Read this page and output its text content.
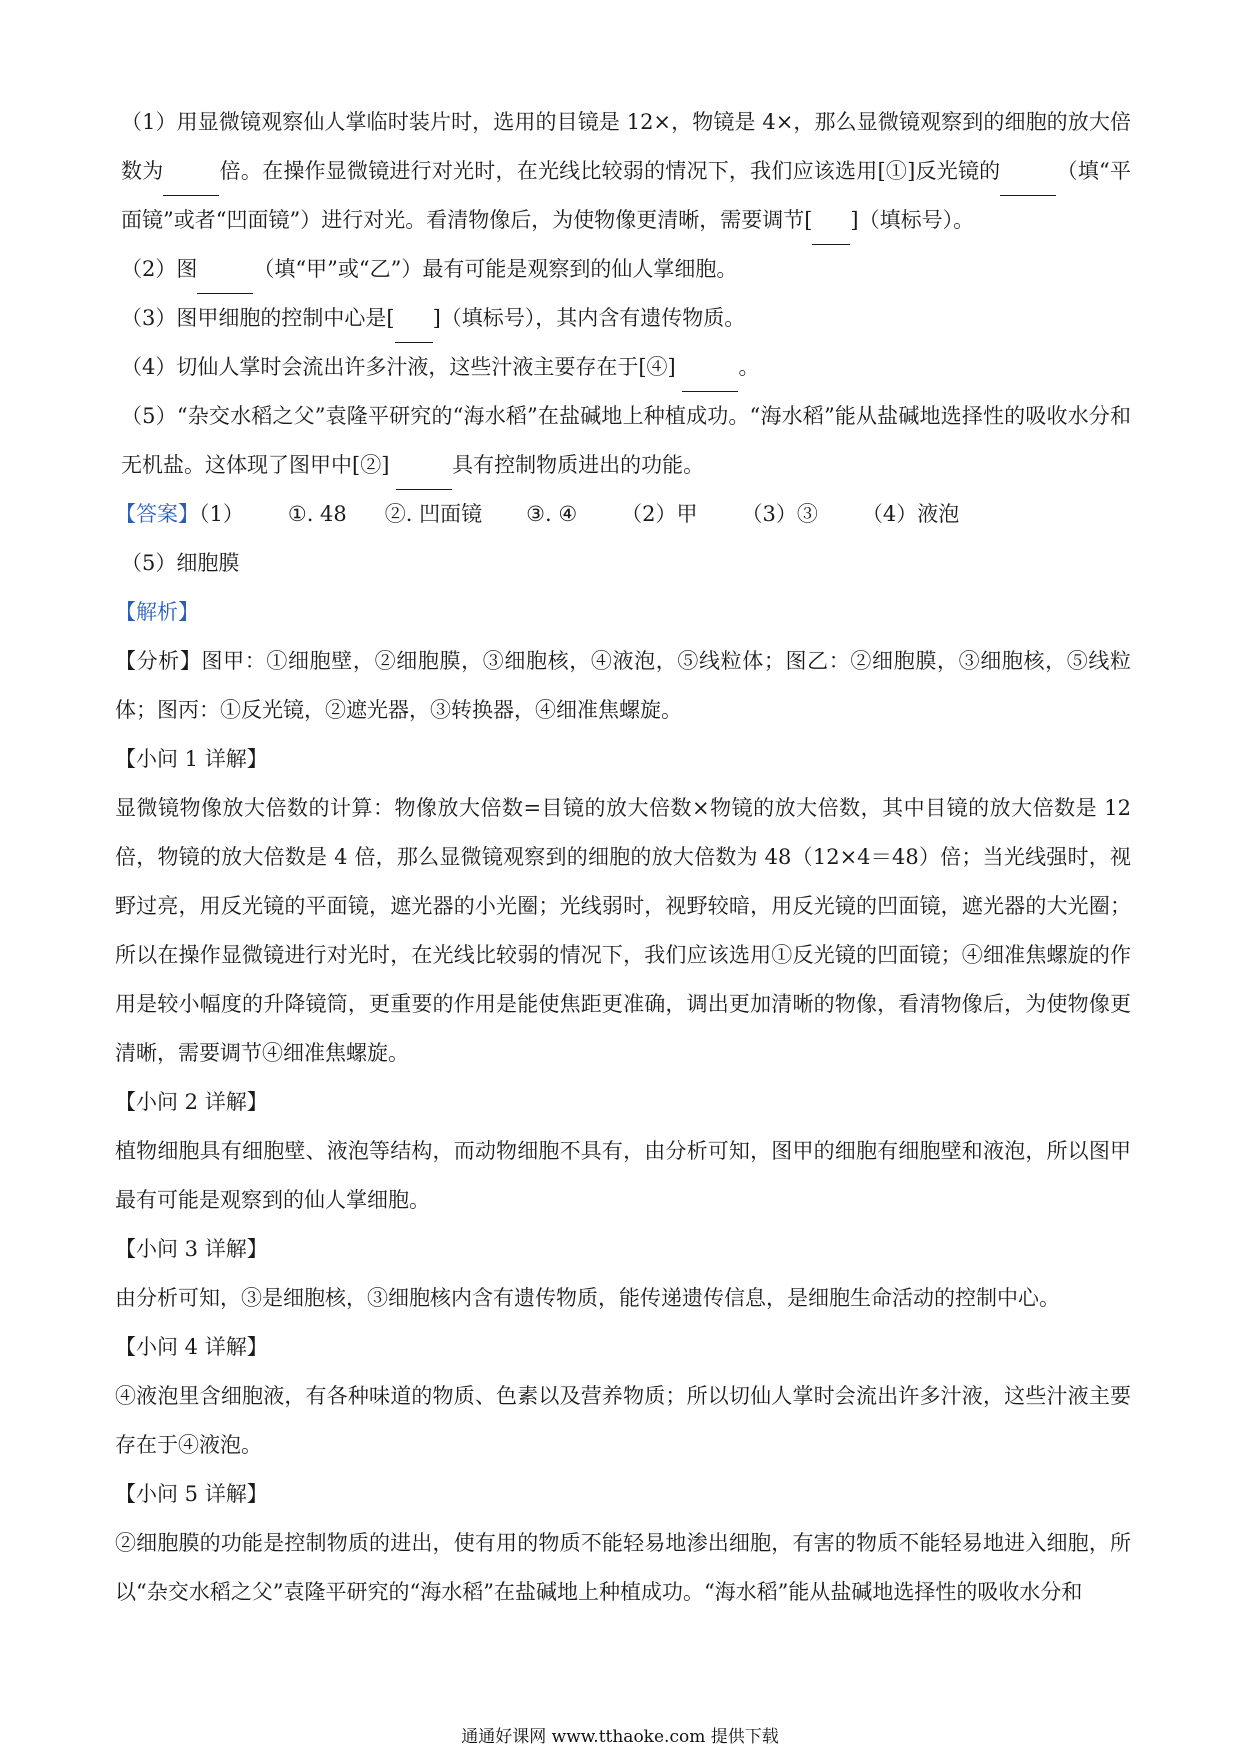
（1）用显微镜观察仙人掌临时装片时，选用的目镜是 12×，物镜是 4×，那么显微镜观察到的细胞的放大倍数为	倍。在操作显微镜进行对光时，在光线比较弱的情况下，我们应该选用[①]反光镜的	（填“平面镜”或者“凹面镜”）进行对光。看清物像后，为使物像更清晰，需要调节[ ]（填标号）。

（2）图	（填“甲”或“乙”）最有可能是观察到的仙人掌细胞。

（3）图甲细胞的控制中心是[ ]（填标号），其内含有遗传物质。

（4）切仙人掌时会流出许多汁液，这些汁液主要存在于[④]	。

（5）“杂交水稻之父”袁隆平研究的“海水稻”在盐碱地上种植成功。“海水稻”能从盐碱地选择性的吸收水分和无机盐。这体现了图甲中[②]	具有控制物质进出的功能。

【答案】（1） ①. 48 ②. 凹面镜 ③. ④ （2）甲 （3）③ （4）液泡

（5）细胞膜

【解析】

【分析】图甲：①细胞壁，②细胞膜，③细胞核，④液泡，⑤线粒体；图乙：②细胞膜，③细胞核，⑤线粒体；图丙：①反光镜，②遮光器，③转换器，④细准焦螺旋。

【小问 1 详解】

显微镜物像放大倍数的计算：物像放大倍数=目镜的放大倍数×物镜的放大倍数，其中目镜的放大倍数是 12 倍，物镜的放大倍数是 4 倍，那么显微镜观察到的细胞的放大倍数为 48（12×4＝48）倍；当光线强时，视野过亮，用反光镜的平面镜，遮光器的小光圈；光线弱时，视野较暗，用反光镜的凹面镜，遮光器的大光圈；所以在操作显微镜进行对光时，在光线比较弱的情况下，我们应该选用①反光镜的凹面镜；④细准焦螺旋的作用是较小幅度的升降镜筒，更重要的作用是能使焦距更准确，调出更加清晰的物像，看清物像后，为使物像更清晰，需要调节④细准焦螺旋。

【小问 2 详解】

植物细胞具有细胞壁、液泡等结构，而动物细胞不具有，由分析可知，图甲的细胞有细胞壁和液泡，所以图甲最有可能是观察到的仙人掌细胞。

【小问 3 详解】

由分析可知，③是细胞核，③细胞核内含有遗传物质，能传递遗传信息，是细胞生命活动的控制中心。

【小问 4 详解】

④液泡里含细胞液，有各种味道的物质、色素以及营养物质；所以切仙人掌时会流出许多汁液，这些汁液主要存在于④液泡。

【小问 5 详解】

②细胞膜的功能是控制物质的进出，使有用的物质不能轻易地渗出细胞，有害的物质不能轻易地进入细胞，所以“杂交水稻之父”袁隆平研究的“海水稻”在盐碱地上种植成功。“海水稻”能从盐碱地选择性的吸收水分和

通通好课网 www.tthaoke.com 提供下载
